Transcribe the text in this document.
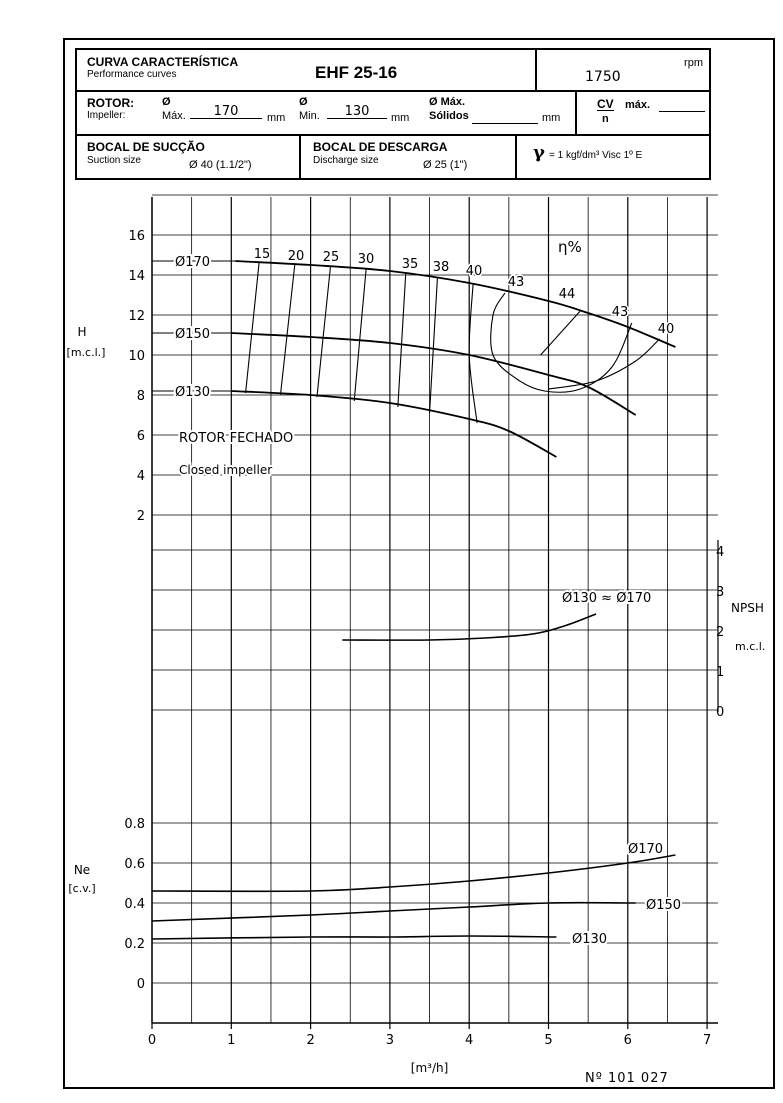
CURVA CARACTERÍSTICA
Performance curves	EHF 25-16	rpm
1750
ROTOR:
Impeller:
Ø
Máx.	170	mm
Ø
Min.	130	mm
Ø Máx.
Sólidos	mm
CV
n
máx.
BOCAL DE SUCÇÃO
Suction size	Ø 40 (1.1/2")
BOCAL DE DESCARGA
Discharge size	Ø 25 (1")
γ = 1 kgf/dm³ Visc 1º E
0	1	2	3	4	5	6	7
[m³/h]
2
4
6
8
10
12
14
16
H
[m.c.l.]
0
1
2
3
4
NPSH
m.c.l.
0
0.2
0.4
0.6
0.8
Ne
[c.v.]
Ø170
Ø150
Ø130
15 20 25 30 35 38 40
43
44
43
40
η%
ROTOR FECHADO
Closed impeller
Ø130 ≈ Ø170
Ø170
Ø150
Ø130
Nº 101 027
